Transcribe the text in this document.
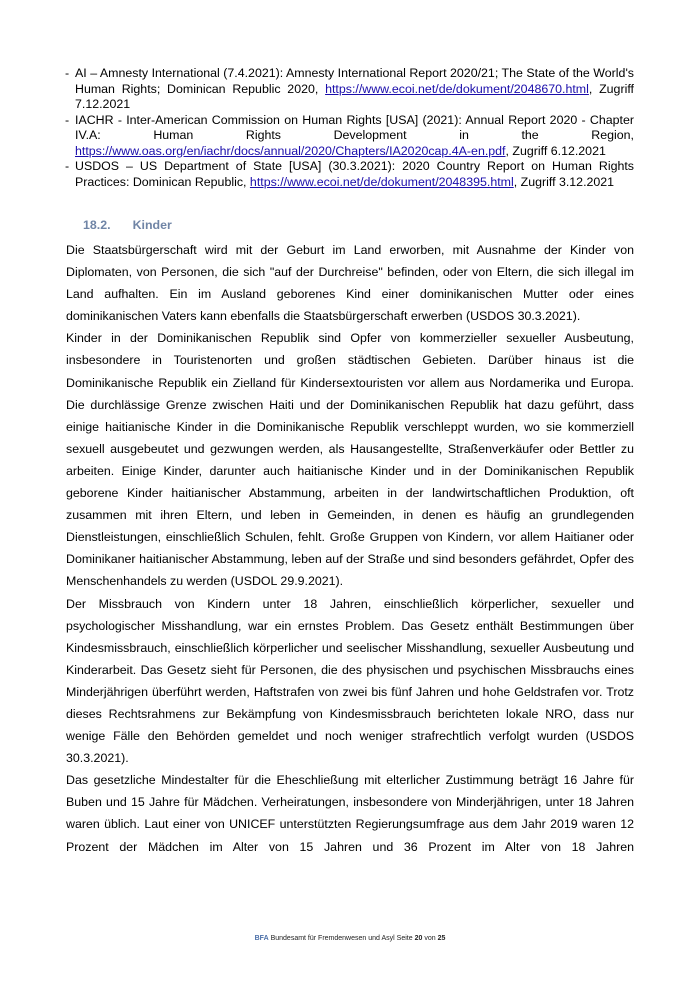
- AI – Amnesty International (7.4.2021): Amnesty International Report 2020/21; The State of the World's Human Rights; Dominican Republic 2020, https://www.ecoi.net/de/dokument/2048670.html, Zugriff 7.12.2021
- IACHR - Inter-American Commission on Human Rights [USA] (2021): Annual Report 2020 - Chapter IV.A: Human Rights Development in the Region, https://www.oas.org/en/iachr/docs/annual/2020/Chapters/IA2020cap.4A-en.pdf, Zugriff 6.12.2021
- USDOS – US Department of State [USA] (30.3.2021): 2020 Country Report on Human Rights Practices: Dominican Republic, https://www.ecoi.net/de/dokument/2048395.html, Zugriff 3.12.2021
18.2. Kinder

Die Staatsbürgerschaft wird mit der Geburt im Land erworben, mit Ausnahme der Kinder von Diplomaten, von Personen, die sich "auf der Durchreise" befinden, oder von Eltern, die sich illegal im Land aufhalten. Ein im Ausland geborenes Kind einer dominikanischen Mutter oder eines dominikanischen Vaters kann ebenfalls die Staatsbürgerschaft erwerben (USDOS 30.3.2021).

Kinder in der Dominikanischen Republik sind Opfer von kommerzieller sexueller Ausbeutung, insbesondere in Touristenorten und großen städtischen Gebieten. Darüber hinaus ist die Dominikanische Republik ein Zielland für Kindersextouristen vor allem aus Nordamerika und Europa. Die durchlässige Grenze zwischen Haiti und der Dominikanischen Republik hat dazu geführt, dass einige haitianische Kinder in die Dominikanische Republik verschleppt wurden, wo sie kommerziell sexuell ausgebeutet und gezwungen werden, als Hausangestellte, Straßenverkäufer oder Bettler zu arbeiten. Einige Kinder, darunter auch haitianische Kinder und in der Dominikanischen Republik geborene Kinder haitianischer Abstammung, arbeiten in der landwirtschaftlichen Produktion, oft zusammen mit ihren Eltern, und leben in Gemeinden, in denen es häufig an grundlegenden Dienstleistungen, einschließlich Schulen, fehlt. Große Gruppen von Kindern, vor allem Haitianer oder Dominikaner haitianischer Abstammung, leben auf der Straße und sind besonders gefährdet, Opfer des Menschenhandels zu werden (USDOL 29.9.2021).

Der Missbrauch von Kindern unter 18 Jahren, einschließlich körperlicher, sexueller und psychologischer Misshandlung, war ein ernstes Problem. Das Gesetz enthält Bestimmungen über Kindesmissbrauch, einschließlich körperlicher und seelischer Misshandlung, sexueller Ausbeutung und Kinderarbeit. Das Gesetz sieht für Personen, die des physischen und psychischen Missbrauchs eines Minderjährigen überführt werden, Haftstrafen von zwei bis fünf Jahren und hohe Geldstrafen vor. Trotz dieses Rechtsrahmens zur Bekämpfung von Kindesmissbrauch berichteten lokale NRO, dass nur wenige Fälle den Behörden gemeldet und noch weniger strafrechtlich verfolgt wurden (USDOS 30.3.2021).

Das gesetzliche Mindestalter für die Eheschließung mit elterlicher Zustimmung beträgt 16 Jahre für Buben und 15 Jahre für Mädchen. Verheiratungen, insbesondere von Minderjährigen, unter 18 Jahren waren üblich. Laut einer von UNICEF unterstützten Regierungsumfrage aus dem Jahr 2019 waren 12 Prozent der Mädchen im Alter von 15 Jahren und 36 Prozent im Alter von 18 Jahren

BFA Bundesamt für Fremdenwesen und Asyl Seite 20 von 25
